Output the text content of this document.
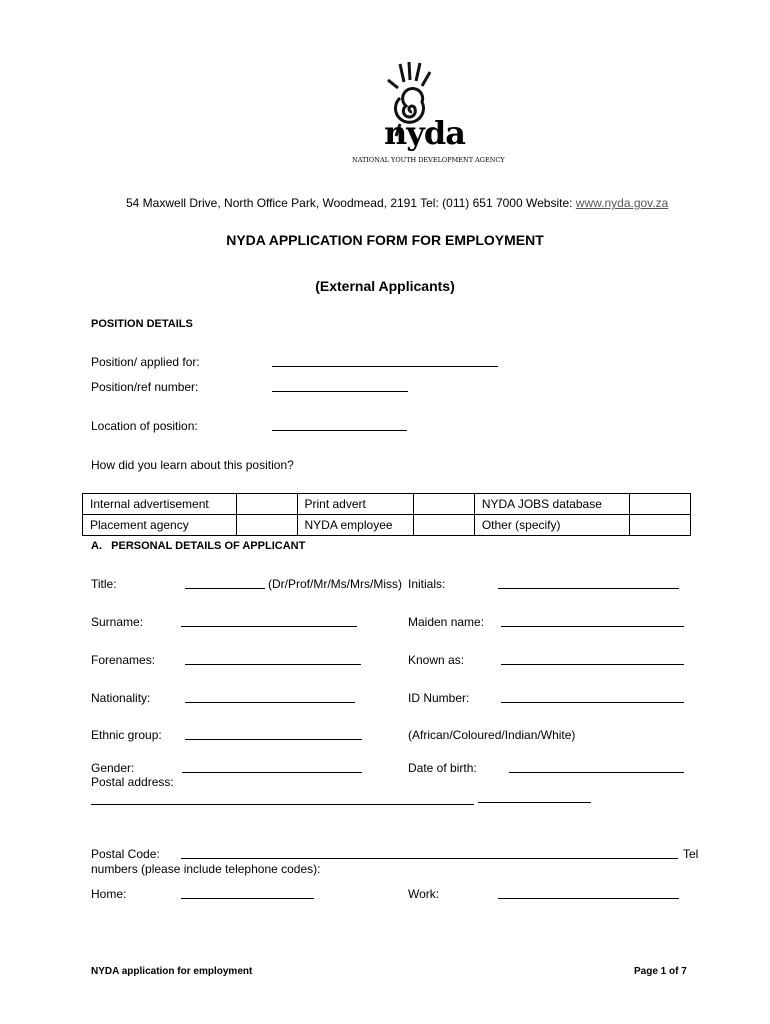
nyda
NATIONAL YOUTH DEVELOPMENT AGENCY
54 Maxwell Drive, North Office Park, Woodmead, 2191 Tel: (011) 651 7000 Website: www.nyda.gov.za
NYDA APPLICATION FORM FOR EMPLOYMENT
(External Applicants)
POSITION DETAILS
Position/ applied for:
Position/ref number:
Location of position:
How did you learn about this position?
Internal advertisement		Print advert		NYDA JOBS database	
Placement agency		NYDA employee		Other (specify)	
A.   PERSONAL DETAILS OF APPLICANT
Title:	(Dr/Prof/Mr/Ms/Mrs/Miss) Initials:
Surname:	Maiden name:
Forenames:	Known as:
Nationality:	ID Number:
Ethnic group:	(African/Coloured/Indian/White)
Gender:	Date of birth:
Postal address:
Postal Code:	Tel
numbers (please include telephone codes):
Home:	Work:
NYDA application for employment	Page 1 of 7
